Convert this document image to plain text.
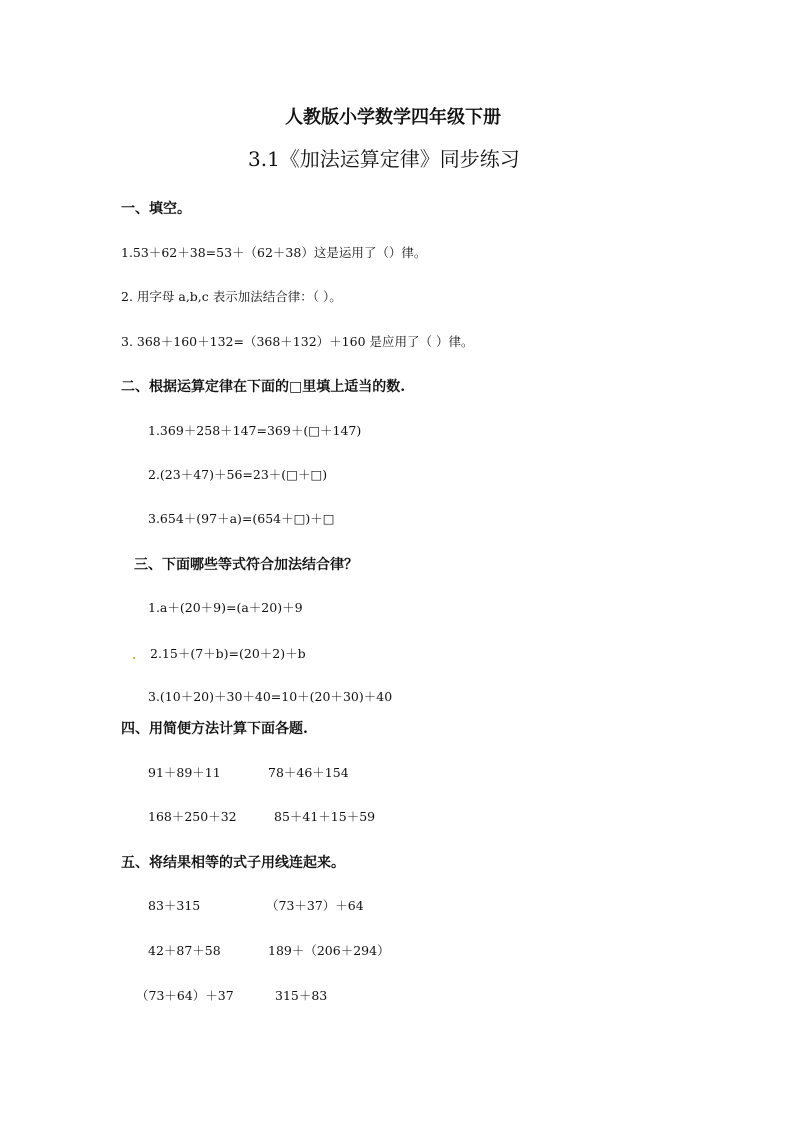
人教版小学数学四年级下册
3.1《加法运算定律》同步练习
一、填空。
1.53＋62＋38=53＋（62＋38）这是运用了（）律。
2. 用字母 a,b,c 表示加法结合律：（ ）。
3. 368＋160＋132=（368＋132）＋160 是应用了（ ）律。
二、根据运算定律在下面的□里填上适当的数.
1.369＋258＋147=369＋(□＋147)
2.(23＋47)＋56=23＋(□＋□)
3.654＋(97＋a)=(654＋□)＋□
三、下面哪些等式符合加法结合律？
1.a＋(20＋9)=(a＋20)＋9
2.15＋(7＋b)=(20＋2)＋b
3.(10＋20)＋30＋40=10＋(20＋30)＋40
四、用简便方法计算下面各题.
91＋89＋11	78＋46＋154
168＋250＋32	85＋41＋15＋59
五、将结果相等的式子用线连起来。
83＋315	（73＋37）＋64
42＋87＋58	189＋（206＋294）
（73＋64）＋37	315＋83
